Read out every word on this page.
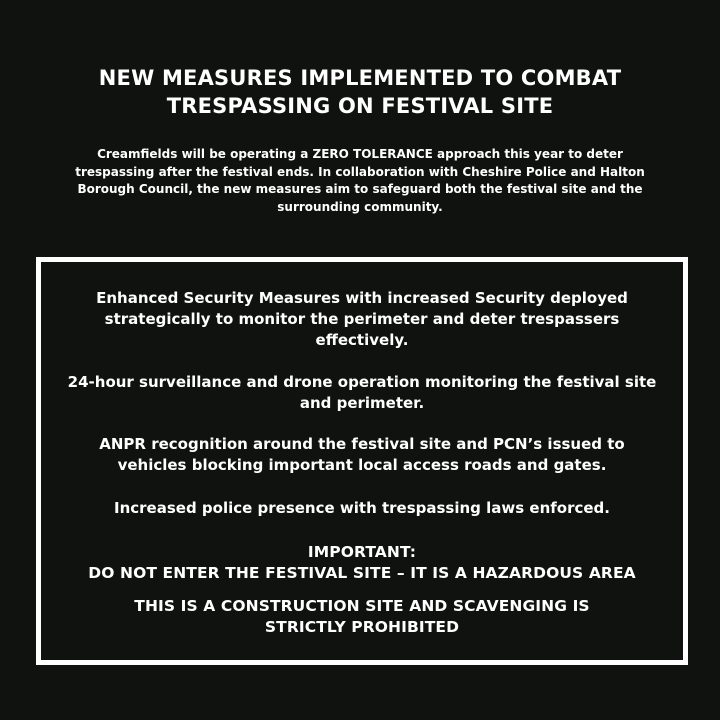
NEW MEASURES IMPLEMENTED TO COMBAT
TRESPASSING ON FESTIVAL SITE

Creamfields will be operating a ZERO TOLERANCE approach this year to deter
trespassing after the festival ends. In collaboration with Cheshire Police and Halton
Borough Council, the new measures aim to safeguard both the festival site and the
surrounding community.

Enhanced Security Measures with increased Security deployed
strategically to monitor the perimeter and deter trespassers
effectively.

24-hour surveillance and drone operation monitoring the festival site
and perimeter.

ANPR recognition around the festival site and PCN’s issued to
vehicles blocking important local access roads and gates.

Increased police presence with trespassing laws enforced.

IMPORTANT:
DO NOT ENTER THE FESTIVAL SITE – IT IS A HAZARDOUS AREA

THIS IS A CONSTRUCTION SITE AND SCAVENGING IS
STRICTLY PROHIBITED
